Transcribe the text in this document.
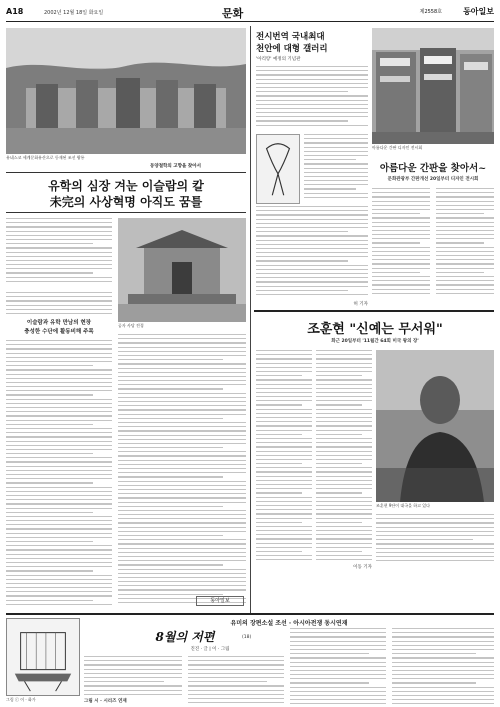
A18	2002년 12월 18일 화요일	문화	제2558호	동아일보
유네스코 세계문화유산으로 등재된 조선 왕릉
동양철학의 고향을 찾아서
유학의 심장 겨눈 이슬람의 칼
未完의 사상혁명 아직도 꿈틀
공자 사당 전경
이슬람과 유학 만남의 현장
충성한 수단에 활동비해 주목
동아일보
전시번역 국내최대
천안에 대형 갤러리
'아리랑' 예정의 기념관
허 기자
아름다운 간판 디자인 전시회
아름다운 간판을 찾아서~
문화관광부 간판개선 20일부터 디자인 전시회
조훈현 "신예는 무서워"
화근 20일부터 '11월간 64회 미국 왕의 장'
이동 기자
조훈현 9단이 대국을 하고 있다
그림 ⓒ 이 · 화가
유미의 장편소설 조선 · 아시아전쟁 동시연재
8월의 저편	(18)
진진 · 글 | 이 · 그림
그림 시 · 시리즈 연재
